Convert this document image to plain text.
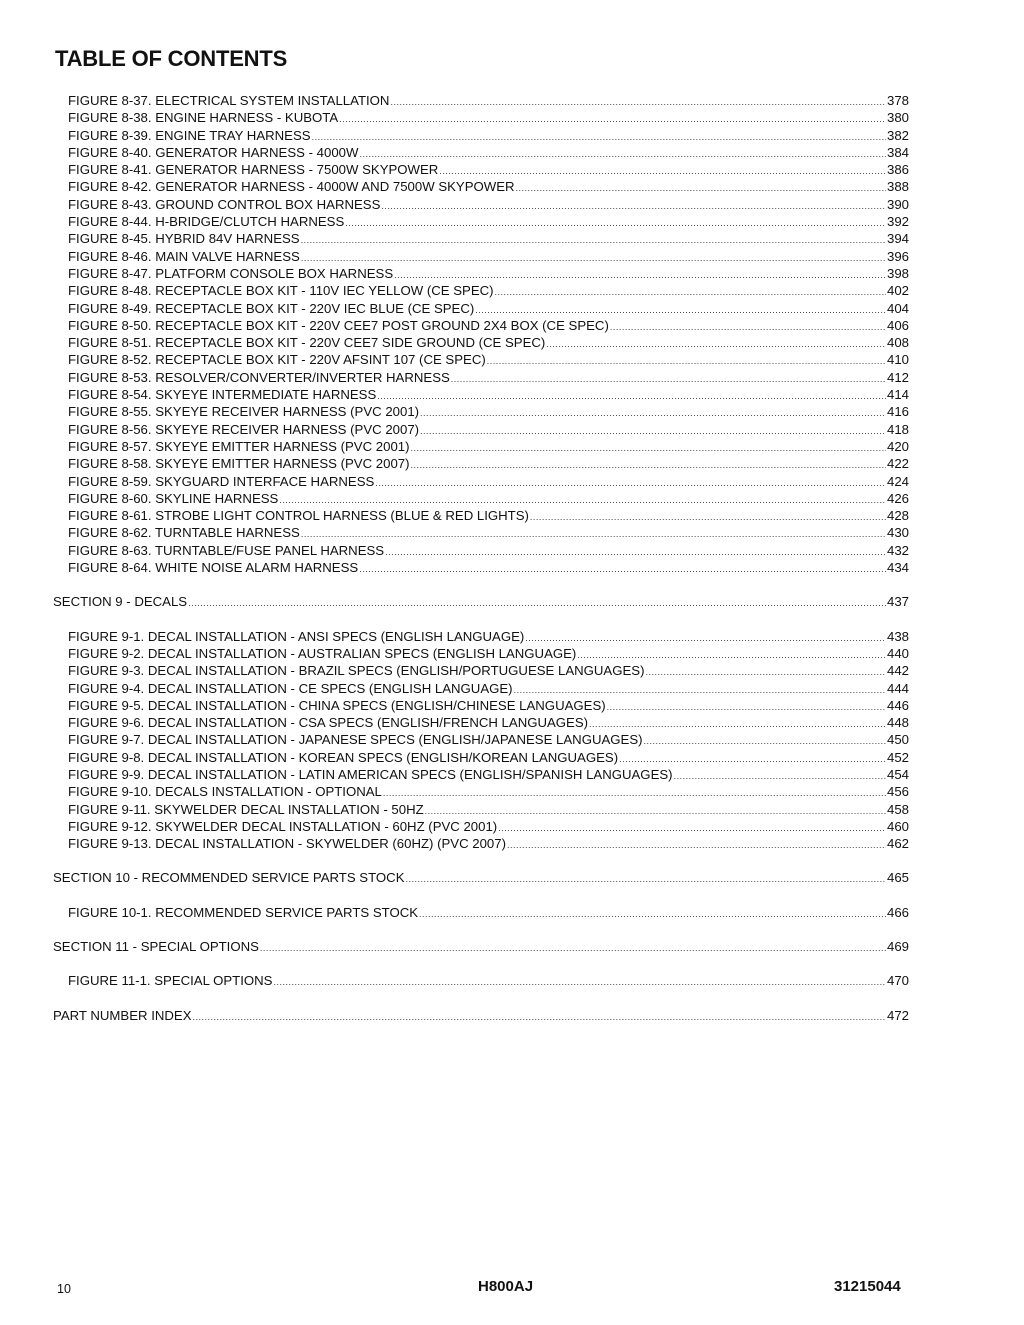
TABLE OF CONTENTS
FIGURE 8-37. ELECTRICAL SYSTEM INSTALLATION .....	378
FIGURE 8-38. ENGINE HARNESS - KUBOTA .....	380
FIGURE 8-39. ENGINE TRAY HARNESS .....	382
FIGURE 8-40. GENERATOR HARNESS - 4000W .....	384
FIGURE 8-41. GENERATOR HARNESS - 7500W SKYPOWER .....	386
FIGURE 8-42. GENERATOR HARNESS - 4000W AND 7500W SKYPOWER .....	388
FIGURE 8-43. GROUND CONTROL BOX HARNESS .....	390
FIGURE 8-44. H-BRIDGE/CLUTCH HARNESS .....	392
FIGURE 8-45. HYBRID 84V HARNESS .....	394
FIGURE 8-46. MAIN VALVE HARNESS .....	396
FIGURE 8-47. PLATFORM CONSOLE BOX HARNESS .....	398
FIGURE 8-48. RECEPTACLE BOX KIT - 110V IEC YELLOW (CE SPEC) .....	402
FIGURE 8-49. RECEPTACLE BOX KIT - 220V IEC BLUE (CE SPEC) .....	404
FIGURE 8-50. RECEPTACLE BOX KIT - 220V CEE7 POST GROUND 2X4 BOX (CE SPEC) .....	406
FIGURE 8-51. RECEPTACLE BOX KIT - 220V CEE7 SIDE GROUND (CE SPEC) .....	408
FIGURE 8-52. RECEPTACLE BOX KIT - 220V AFSINT 107 (CE SPEC) .....	410
FIGURE 8-53. RESOLVER/CONVERTER/INVERTER HARNESS .....	412
FIGURE 8-54. SKYEYE INTERMEDIATE HARNESS .....	414
FIGURE 8-55. SKYEYE RECEIVER HARNESS (PVC 2001) .....	416
FIGURE 8-56. SKYEYE RECEIVER HARNESS (PVC 2007) .....	418
FIGURE 8-57. SKYEYE EMITTER HARNESS (PVC 2001) .....	420
FIGURE 8-58. SKYEYE EMITTER HARNESS (PVC 2007) .....	422
FIGURE 8-59. SKYGUARD INTERFACE HARNESS .....	424
FIGURE 8-60. SKYLINE HARNESS .....	426
FIGURE 8-61. STROBE LIGHT CONTROL HARNESS (BLUE & RED LIGHTS) .....	428
FIGURE 8-62. TURNTABLE HARNESS .....	430
FIGURE 8-63. TURNTABLE/FUSE PANEL HARNESS .....	432
FIGURE 8-64. WHITE NOISE ALARM HARNESS .....	434
SECTION 9 - DECALS .....	437
FIGURE 9-1. DECAL INSTALLATION - ANSI SPECS (ENGLISH LANGUAGE) .....	438
FIGURE 9-2. DECAL INSTALLATION - AUSTRALIAN SPECS (ENGLISH LANGUAGE) .....	440
FIGURE 9-3. DECAL INSTALLATION - BRAZIL SPECS (ENGLISH/PORTUGUESE LANGUAGES) .....	442
FIGURE 9-4. DECAL INSTALLATION - CE SPECS (ENGLISH LANGUAGE) .....	444
FIGURE 9-5. DECAL INSTALLATION - CHINA SPECS (ENGLISH/CHINESE LANGUAGES) .....	446
FIGURE 9-6. DECAL INSTALLATION - CSA SPECS (ENGLISH/FRENCH LANGUAGES) .....	448
FIGURE 9-7. DECAL INSTALLATION - JAPANESE SPECS (ENGLISH/JAPANESE LANGUAGES) .....	450
FIGURE 9-8. DECAL INSTALLATION - KOREAN SPECS (ENGLISH/KOREAN LANGUAGES) .....	452
FIGURE 9-9. DECAL INSTALLATION - LATIN AMERICAN SPECS (ENGLISH/SPANISH LANGUAGES) .....	454
FIGURE 9-10. DECALS INSTALLATION - OPTIONAL .....	456
FIGURE 9-11. SKYWELDER DECAL INSTALLATION - 50HZ .....	458
FIGURE 9-12. SKYWELDER DECAL INSTALLATION - 60HZ (PVC 2001) .....	460
FIGURE 9-13. DECAL INSTALLATION - SKYWELDER (60HZ) (PVC 2007) .....	462
SECTION 10 - RECOMMENDED SERVICE PARTS STOCK .....	465
FIGURE 10-1. RECOMMENDED SERVICE PARTS STOCK .....	466
SECTION 11 - SPECIAL OPTIONS .....	469
FIGURE 11-1. SPECIAL OPTIONS .....	470
PART NUMBER INDEX .....	472
10	H800AJ	31215044
